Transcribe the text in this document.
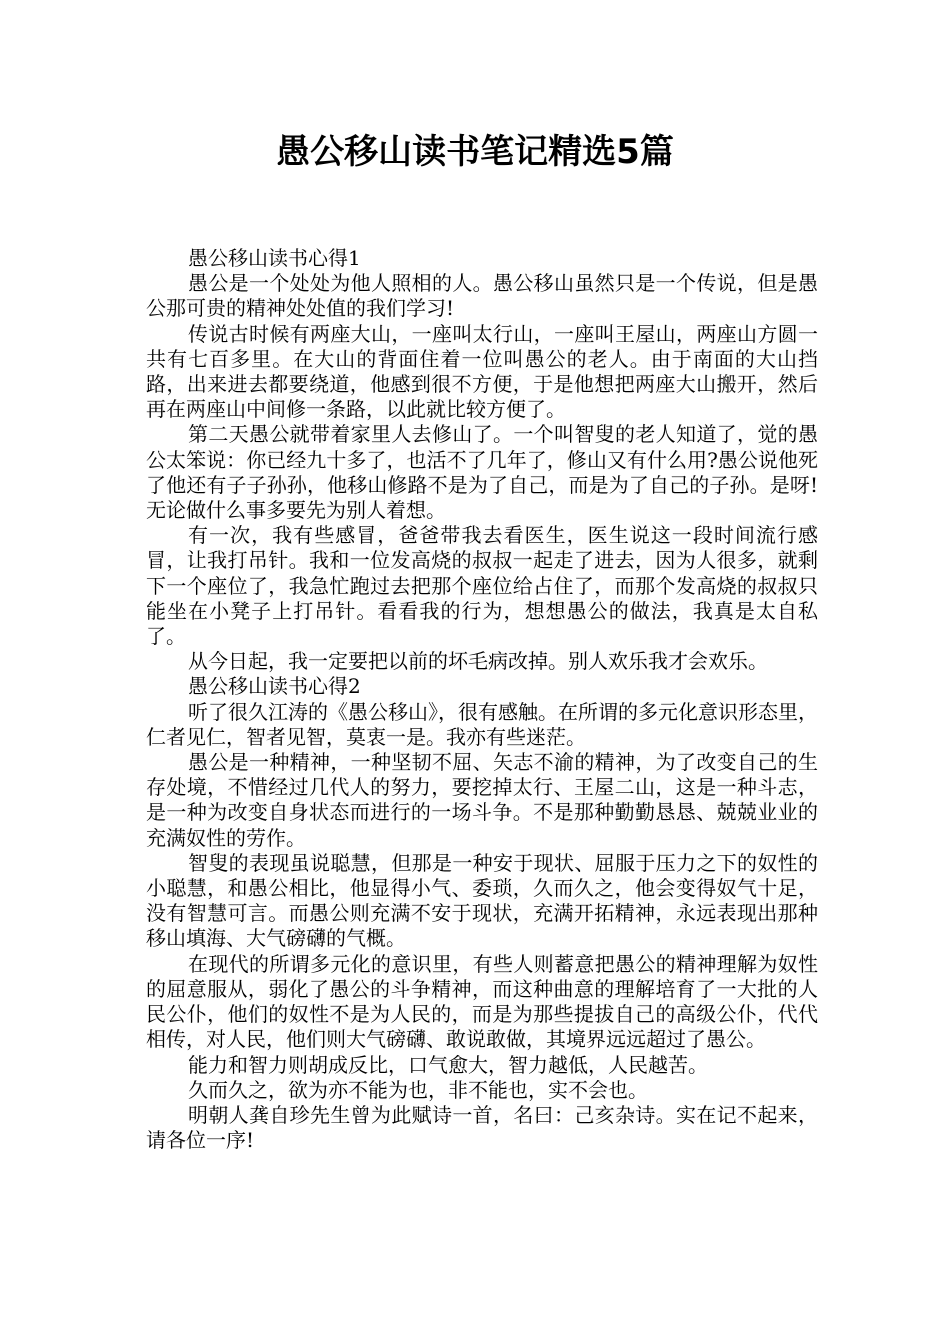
愚公移山读书笔记精选5篇

愚公移山读书心得1

愚公是一个处处为他人照相的人。愚公移山虽然只是一个传说，但是愚公那可贵的精神处处值的我们学习!

传说古时候有两座大山，一座叫太行山，一座叫王屋山，两座山方圆一共有七百多里。在大山的背面住着一位叫愚公的老人。由于南面的大山挡路，出来进去都要绕道，他感到很不方便，于是他想把两座大山搬开，然后再在两座山中间修一条路，以此就比较方便了。

第二天愚公就带着家里人去修山了。一个叫智叟的老人知道了，觉的愚公太笨说：你已经九十多了，也活不了几年了，修山又有什么用?愚公说他死了他还有子子孙孙，他移山修路不是为了自己，而是为了自己的子孙。是呀!无论做什么事多要先为别人着想。

有一次，我有些感冒，爸爸带我去看医生，医生说这一段时间流行感冒，让我打吊针。我和一位发高烧的叔叔一起走了进去，因为人很多，就剩下一个座位了，我急忙跑过去把那个座位给占住了，而那个发高烧的叔叔只能坐在小凳子上打吊针。看看我的行为，想想愚公的做法，我真是太自私了。

从今日起，我一定要把以前的坏毛病改掉。别人欢乐我才会欢乐。

愚公移山读书心得2

听了很久江涛的《愚公移山》，很有感触。在所谓的多元化意识形态里，仁者见仁，智者见智，莫衷一是。我亦有些迷茫。

愚公是一种精神，一种坚韧不屈、矢志不渝的精神，为了改变自己的生存处境，不惜经过几代人的努力，要挖掉太行、王屋二山，这是一种斗志，是一种为改变自身状态而进行的一场斗争。不是那种勤勤恳恳、兢兢业业的充满奴性的劳作。

智叟的表现虽说聪慧，但那是一种安于现状、屈服于压力之下的奴性的小聪慧，和愚公相比，他显得小气、委琐，久而久之，他会变得奴气十足，没有智慧可言。而愚公则充满不安于现状，充满开拓精神，永远表现出那种移山填海、大气磅礴的气概。

在现代的所谓多元化的意识里，有些人则蓄意把愚公的精神理解为奴性的屈意服从，弱化了愚公的斗争精神，而这种曲意的理解培育了一大批的人民公仆，他们的奴性不是为人民的，而是为那些提拔自己的高级公仆，代代相传，对人民，他们则大气磅礴、敢说敢做，其境界远远超过了愚公。

能力和智力则胡成反比，口气愈大，智力越低，人民越苦。

久而久之，欲为亦不能为也，非不能也，实不会也。

明朝人龚自珍先生曾为此赋诗一首，名曰：己亥杂诗。实在记不起来，请各位一序!
